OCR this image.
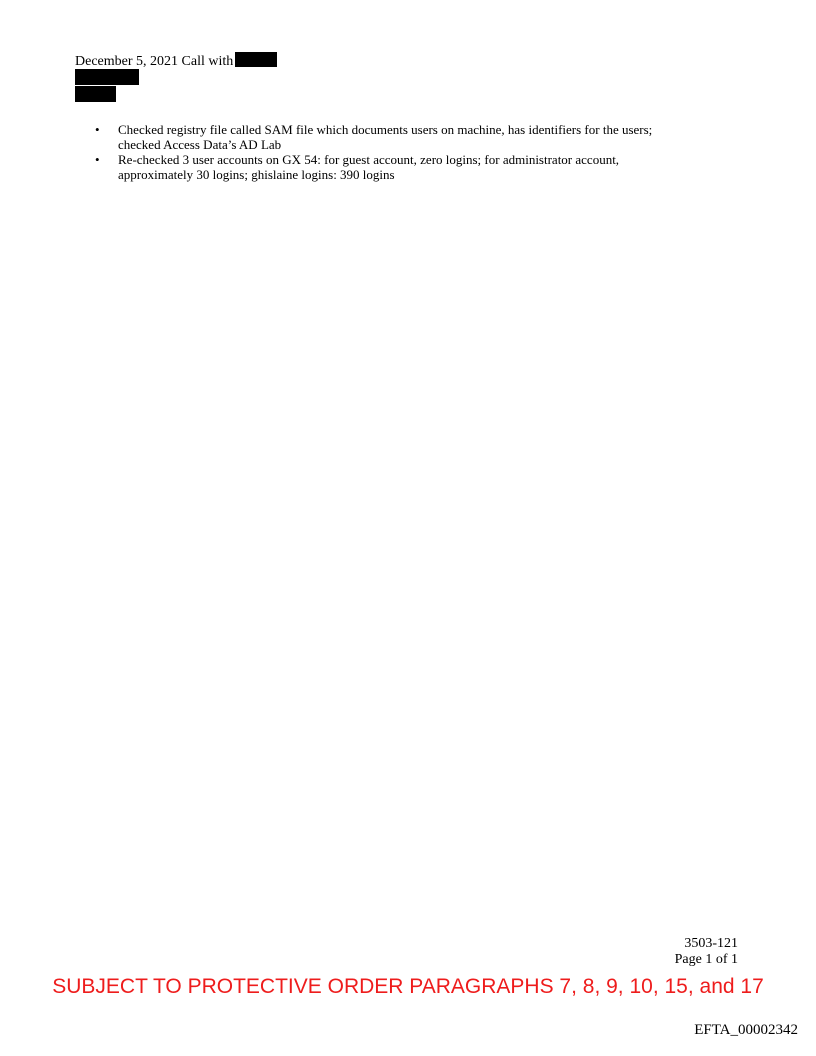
December 5, 2021 Call with
•	Checked registry file called SAM file which documents users on machine, has identifiers for the users; checked Access Data’s AD Lab
•	Re-checked 3 user accounts on GX 54: for guest account, zero logins; for administrator account, approximately 30 logins; ghislaine logins: 390 logins
3503-121
Page 1 of 1
SUBJECT TO PROTECTIVE ORDER PARAGRAPHS 7, 8, 9, 10, 15, and 17
EFTA_00002342
